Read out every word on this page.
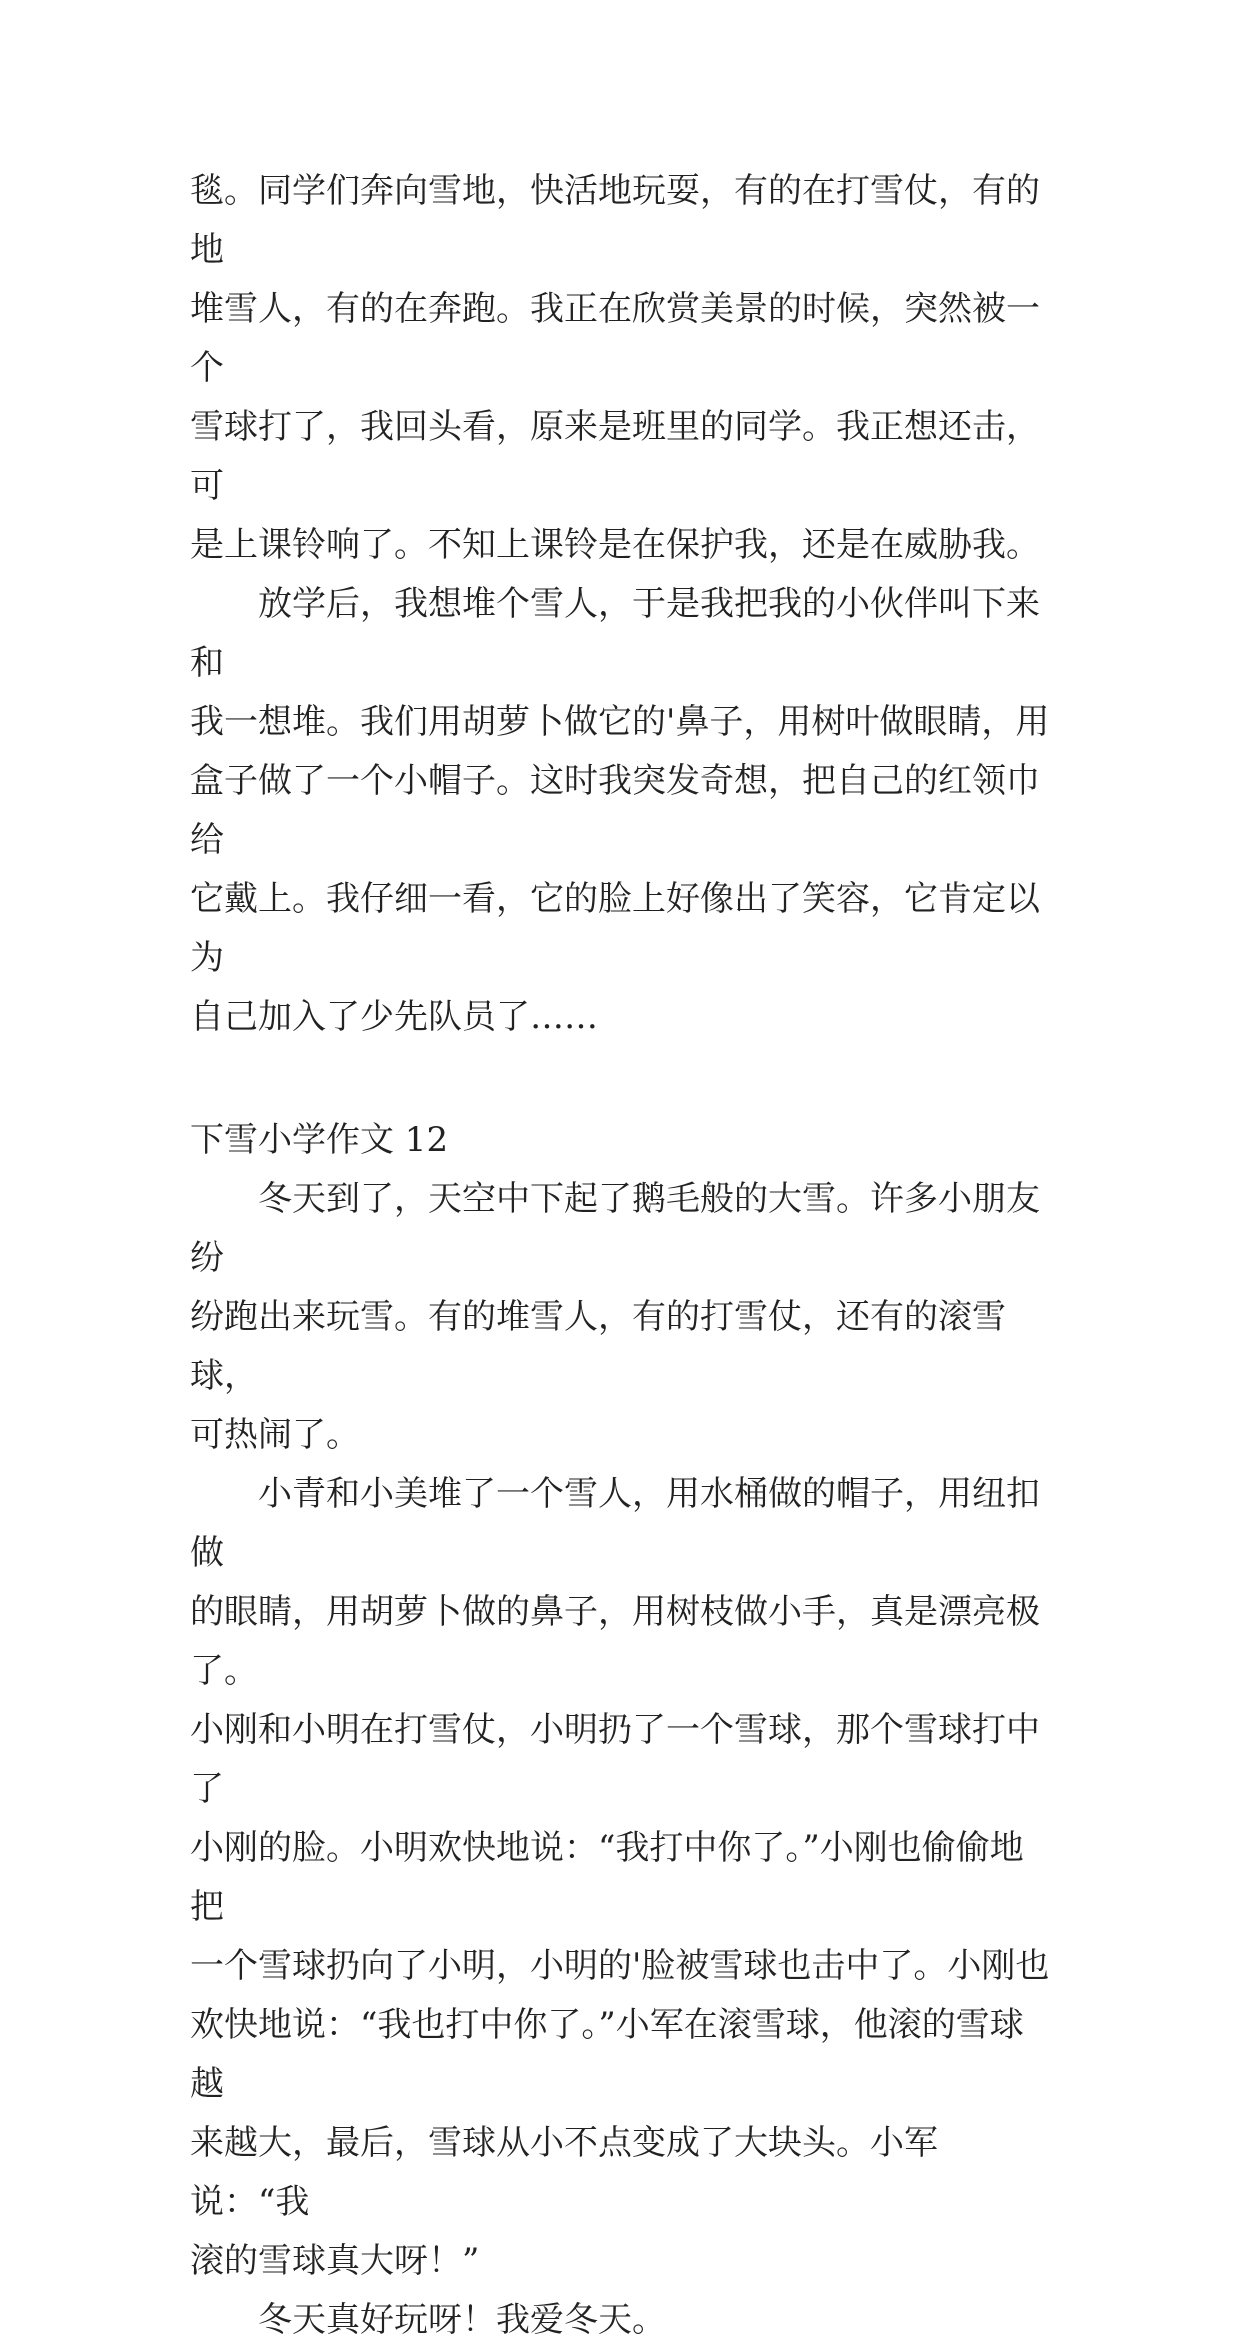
毯。同学们奔向雪地，快活地玩耍，有的在打雪仗，有的地
堆雪人，有的在奔跑。我正在欣赏美景的时候，突然被一个
雪球打了，我回头看，原来是班里的同学。我正想还击，可
是上课铃响了。不知上课铃是在保护我，还是在威胁我。
放学后，我想堆个雪人，于是我把我的小伙伴叫下来和
我一想堆。我们用胡萝卜做它的'鼻子，用树叶做眼睛，用
盒子做了一个小帽子。这时我突发奇想，把自己的红领巾给
它戴上。我仔细一看，它的脸上好像出了笑容，它肯定以为
自己加入了少先队员了……
下雪小学作文 12
冬天到了，天空中下起了鹅毛般的大雪。许多小朋友纷
纷跑出来玩雪。有的堆雪人，有的打雪仗，还有的滚雪球，
可热闹了。
小青和小美堆了一个雪人，用水桶做的帽子，用纽扣做
的眼睛，用胡萝卜做的鼻子，用树枝做小手，真是漂亮极了。
小刚和小明在打雪仗，小明扔了一个雪球，那个雪球打中了
小刚的脸。小明欢快地说：“我打中你了。”小刚也偷偷地把
一个雪球扔向了小明，小明的'脸被雪球也击中了。小刚也
欢快地说：“我也打中你了。”小军在滚雪球，他滚的雪球越
来越大，最后，雪球从小不点变成了大块头。小军说：“我
滚的雪球真大呀！”
冬天真好玩呀！我爱冬天。
